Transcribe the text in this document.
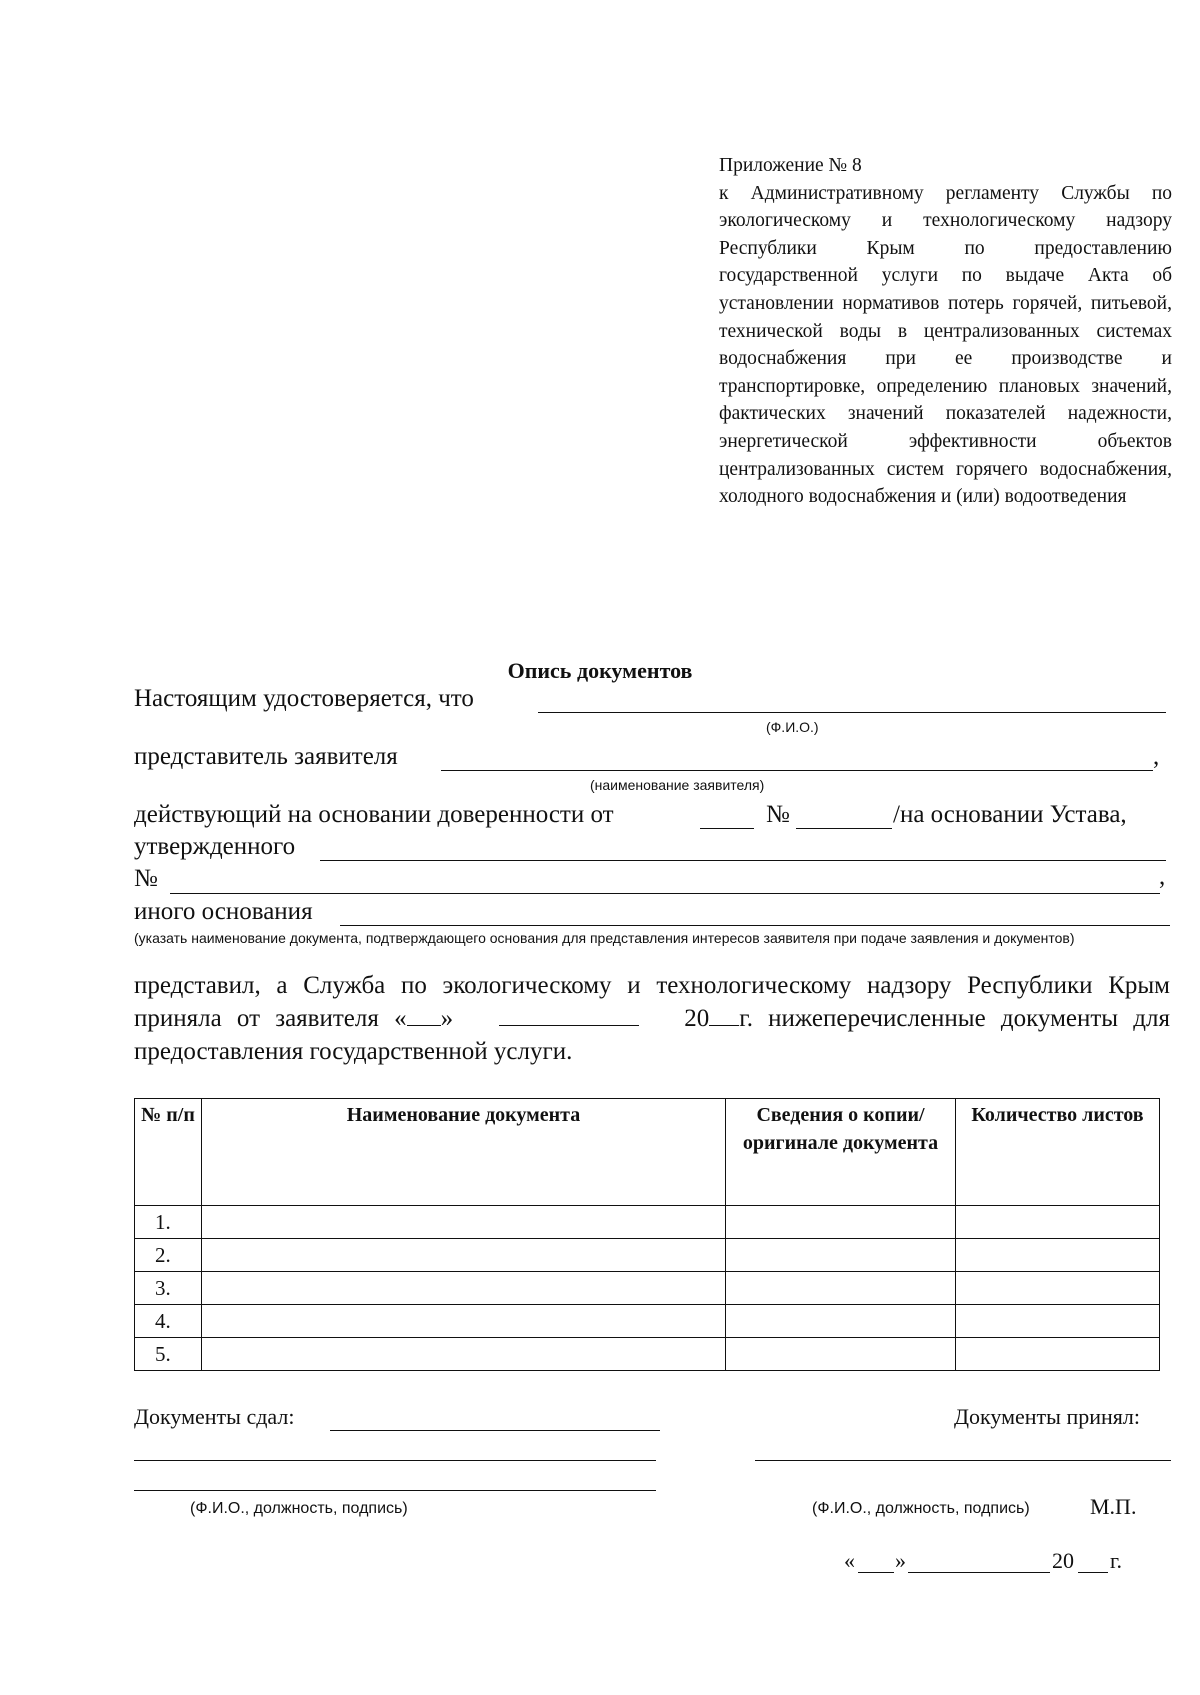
Приложение № 8
к Административному регламенту Службы по экологическому и технологическому надзору Республики Крым по предоставлению государственной услуги по выдаче Акта об установлении нормативов потерь горячей, питьевой, технической воды в централизованных системах водоснабжения при ее производстве и транспортировке, определению плановых значений, фактических значений показателей надежности, энергетической эффективности объектов централизованных систем горячего водоснабжения, холодного водоснабжения и (или) водоотведения
Опись документов
Настоящим удостоверяется, что
(Ф.И.О.)
представитель заявителя	,
(наименование заявителя)
действующий на основании доверенности от	№	/на основании Устава,
утвержденного
№	,
иного основания
(указать наименование документа, подтверждающего основания для представления интересов заявителя при подаче заявления и документов)
представил, а Служба по экологическому и технологическому надзору Республики Крым приняла от заявителя « »	20 г. нижеперечисленные документы для предоставления государственной услуги.
№ п/п	Наименование документа	Сведения о копии/оригинале документа	Количество листов
1.			
2.			
3.			
4.			
5.			
Документы сдал:
(Ф.И.О., должность, подпись)
Документы принял:
(Ф.И.О., должность, подпись)	М.П.
« »	20 г.
